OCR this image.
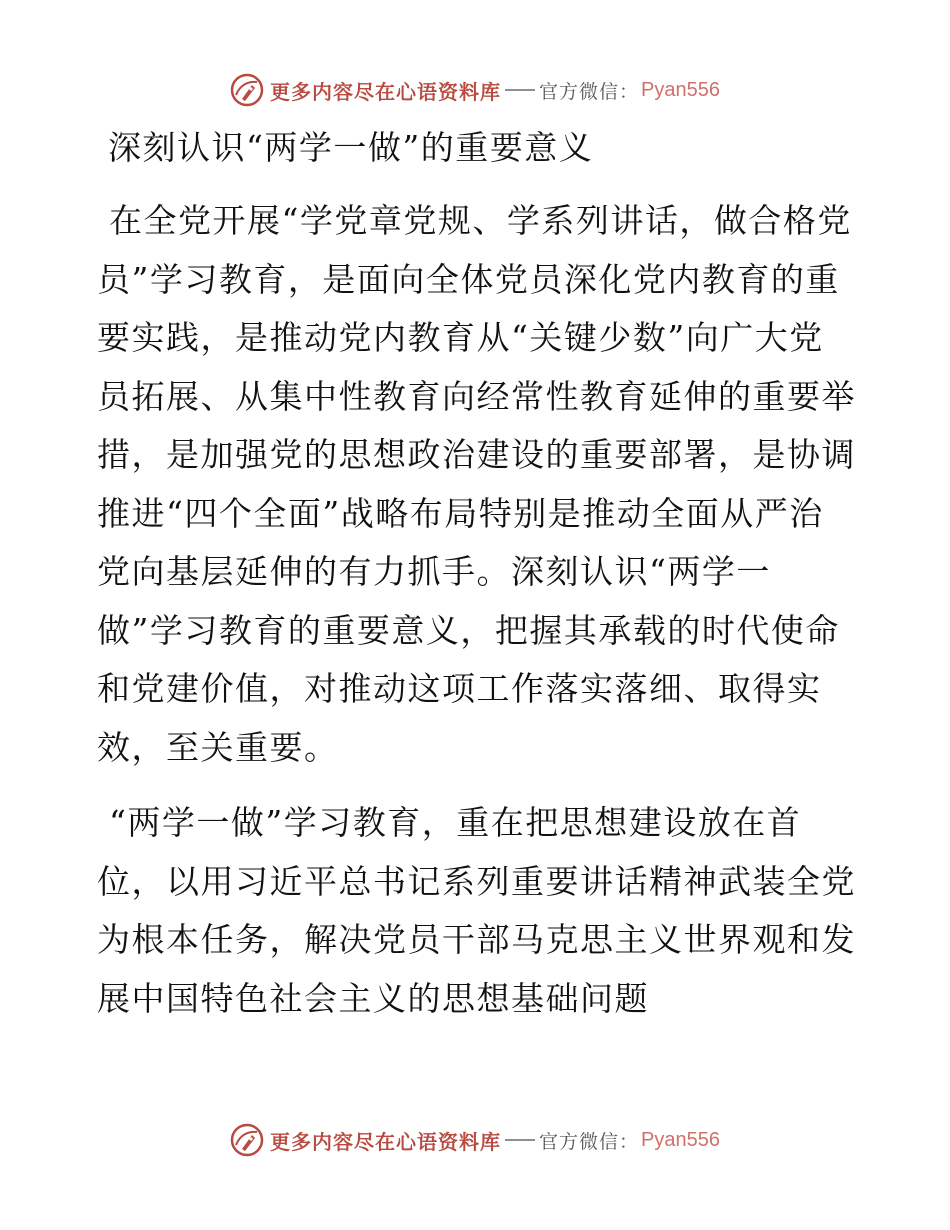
更多内容尽在心语资料库 官方微信： Pyan556
深刻认识“两学一做”的重要意义

在全党开展“学党章党规、学系列讲话，做合格党员”学习教育，是面向全体党员深化党内教育的重要实践，是推动党内教育从“关键少数”向广大党员拓展、从集中性教育向经常性教育延伸的重要举措，是加强党的思想政治建设的重要部署，是协调推进“四个全面”战略布局特别是推动全面从严治党向基层延伸的有力抓手。深刻认识“两学一做”学习教育的重要意义，把握其承载的时代使命和党建价值，对推动这项工作落实落细、取得实效，至关重要。

“两学一做”学习教育，重在把思想建设放在首位，以用习近平总书记系列重要讲话精神武装全党为根本任务，解决党员干部马克思主义世界观和发展中国特色社会主义的思想基础问题

更多内容尽在心语资料库 官方微信： Pyan556
